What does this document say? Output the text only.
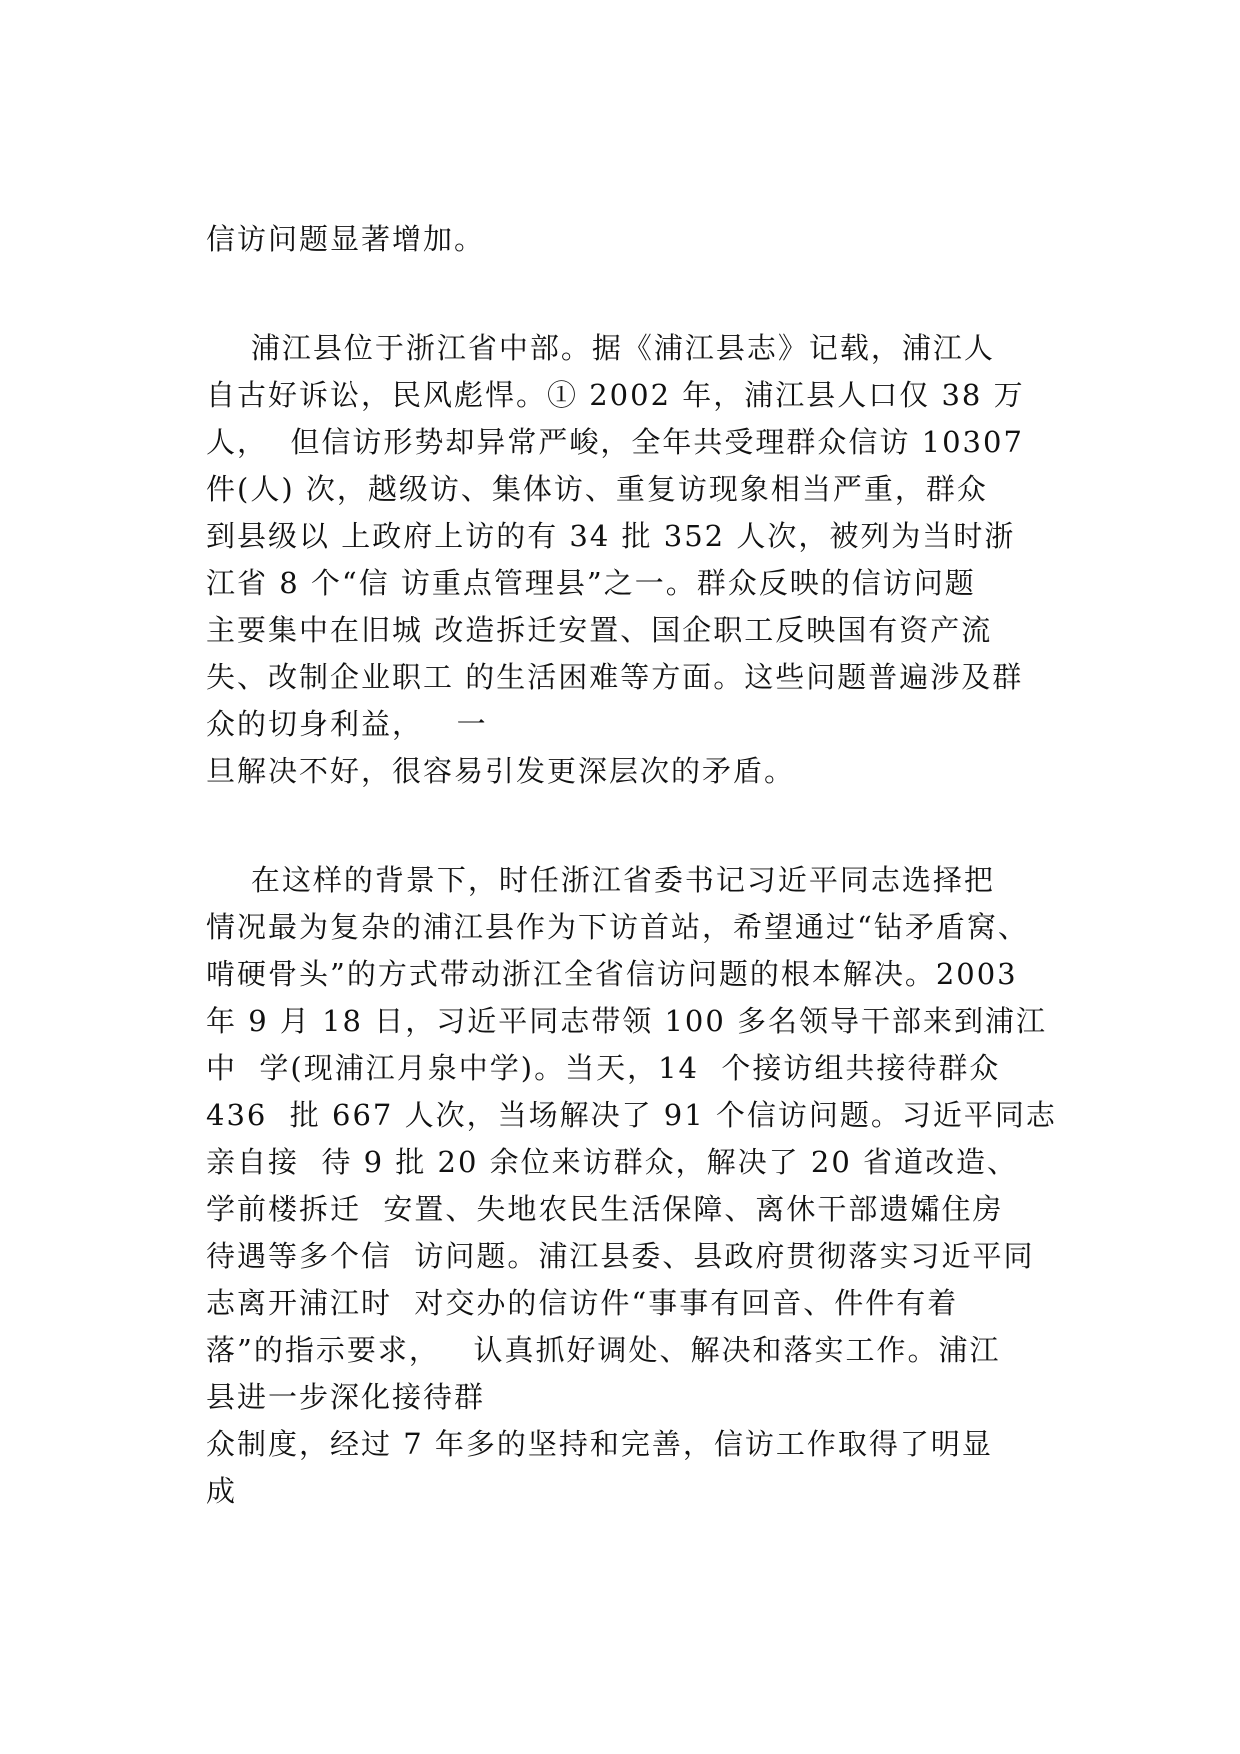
信访问题显著增加。
浦江县位于浙江省中部。据《浦江县志》记载，浦江人
自古好诉讼，民风彪悍。① 2002 年，浦江县人口仅 38 万
人，  但信访形势却异常严峻，全年共受理群众信访 10307
件(人) 次，越级访、集体访、重复访现象相当严重，群众
到县级以 上政府上访的有 34 批 352 人次，被列为当时浙
江省 8 个“信 访重点管理县”之一。群众反映的信访问题
主要集中在旧城 改造拆迁安置、国企职工反映国有资产流
失、改制企业职工 的生活困难等方面。这些问题普遍涉及群
众的切身利益，   一
旦解决不好，很容易引发更深层次的矛盾。
在这样的背景下，时任浙江省委书记习近平同志选择把
情况最为复杂的浦江县作为下访首站，希望通过“钻矛盾窝、
啃硬骨头”的方式带动浙江全省信访问题的根本解决。2003
年 9 月 18 日，习近平同志带领 100 多名领导干部来到浦江
中  学(现浦江月泉中学)。当天，14  个接访组共接待群众
436  批 667 人次，当场解决了 91 个信访问题。习近平同志
亲自接  待 9 批 20 余位来访群众，解决了 20 省道改造、
学前楼拆迁  安置、失地农民生活保障、离休干部遗孀住房
待遇等多个信  访问题。浦江县委、县政府贯彻落实习近平同
志离开浦江时  对交办的信访件“事事有回音、件件有着
落”的指示要求，   认真抓好调处、解决和落实工作。浦江
县进一步深化接待群
众制度，经过 7 年多的坚持和完善，信访工作取得了明显
成
